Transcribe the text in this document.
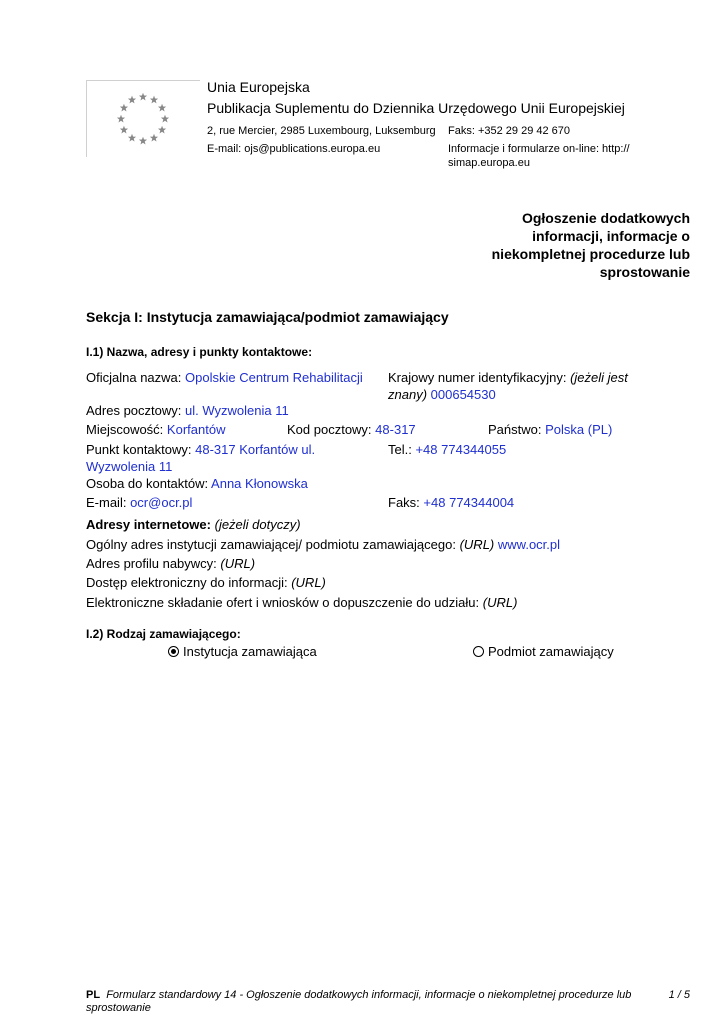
Unia Europejska
Publikacja Suplementu do Dziennika Urzędowego Unii Europejskiej
2, rue Mercier, 2985 Luxembourg, Luksemburg Faks: +352 29 29 42 670
E-mail: ojs@publications.europa.eu	Informacje i formularze on-line: http:// simap.europa.eu
Ogłoszenie dodatkowych informacji, informacje o niekompletnej procedurze lub sprostowanie
Sekcja I: Instytucja zamawiająca/podmiot zamawiający
I.1) Nazwa, adresy i punkty kontaktowe:
Oficjalna nazwa: Opolskie Centrum Rehabilitacji Krajowy numer identyfikacyjny: (jeżeli jest znany) 000654530
Adres pocztowy: ul. Wyzwolenia 11
Miejscowość: Korfantów	Kod pocztowy: 48-317	Państwo: Polska (PL)
Punkt kontaktowy: 48-317 Korfantów ul. Wyzwolenia 11
Tel.: +48 774344055
Osoba do kontaktów: Anna Kłonowska
E-mail: ocr@ocr.pl	Faks: +48 774344004
Adresy internetowe: (jeżeli dotyczy)
Ogólny adres instytucji zamawiającej/ podmiotu zamawiającego: (URL) www.ocr.pl
Adres profilu nabywcy: (URL)
Dostęp elektroniczny do informacji: (URL)
Elektroniczne składanie ofert i wniosków o dopuszczenie do udziału: (URL)
I.2) Rodzaj zamawiającego:
Instytucja zamawiająca	Podmiot zamawiający
PL Formularz standardowy 14 - Ogłoszenie dodatkowych informacji, informacje o niekompletnej procedurze lub sprostowanie
1 / 5
